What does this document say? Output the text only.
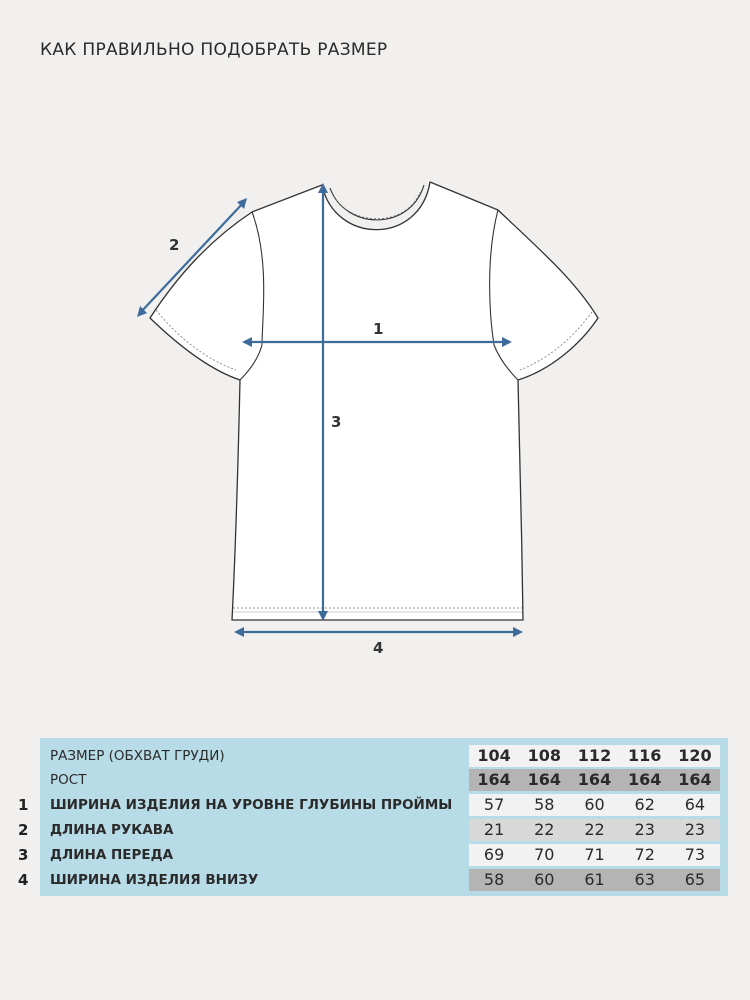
КАК ПРАВИЛЬНО ПОДОБРАТЬ РАЗМЕР
1
2
3
4
РАЗМЕР (ОБХВАТ ГРУДИ)	104	108	112	116	120
РОСТ	164	164	164	164	164
1	ШИРИНА ИЗДЕЛИЯ НА УРОВНЕ ГЛУБИНЫ ПРОЙМЫ	57	58	60	62	64
2	ДЛИНА РУКАВА	21	22	22	23	23
3	ДЛИНА ПЕРЕДА	69	70	71	72	73
4	ШИРИНА ИЗДЕЛИЯ ВНИЗУ	58	60	61	63	65
